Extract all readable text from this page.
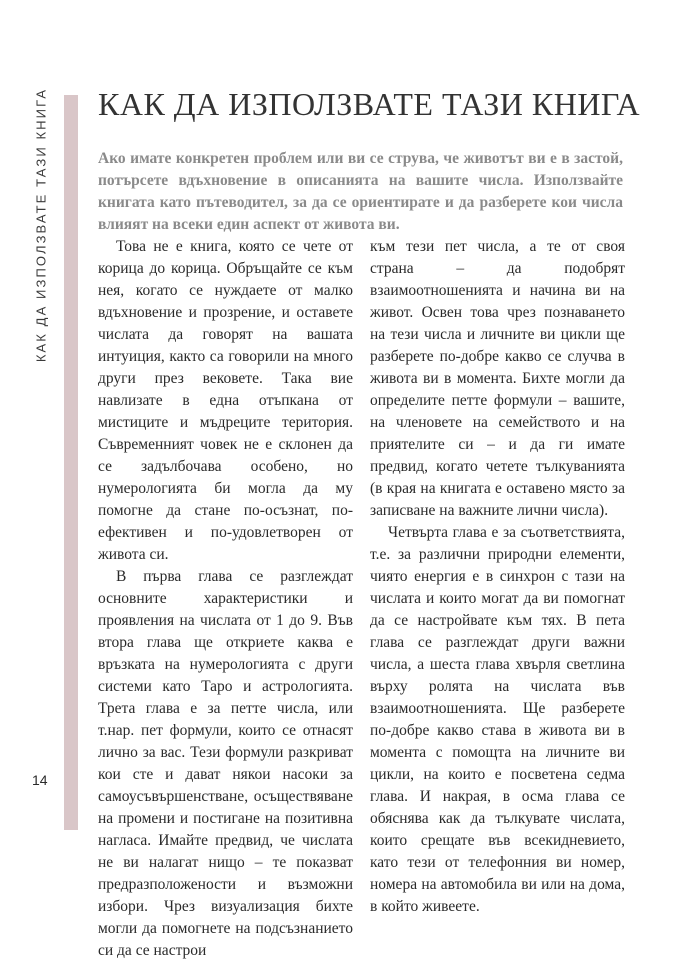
КАК ДА ИЗПОЛЗВАТЕ ТАЗИ КНИГА
14
КАК ДА ИЗПОЛЗВАТЕ ТАЗИ КНИГА

Ако имате конкретен проблем или ви се струва, че животът ви е в застой, потърсете вдъхновение в описанията на вашите числа. Използвайте книгата като пътеводител, за да се ориентирате и да разберете кои числа влияят на всеки един аспект от живота ви.

Това не е книга, която се чете от корица до корица. Обръщайте се към нея, когато се нуждаете от малко вдъхновение и прозрение, и оставете числата да говорят на вашата интуиция, както са говорили на много други през вековете. Така вие навлизате в една отъпкана от мистиците и мъдреците територия. Съвременният човек не е склонен да се задълбочава особено, но нумерологията би могла да му помогне да стане по-осъзнат, по-ефективен и по-удовлетворен от живота си.

В първа глава се разглеждат основните характеристики и проявления на числата от 1 до 9. Във втора глава ще откриете каква е връзката на нумерологията с други системи като Таро и астрологията. Трета глава е за петте числа, или т.нар. пет формули, които се отнасят лично за вас. Тези формули разкриват кои сте и дават някои насоки за самоусъвършенстване, осъществяване на промени и постигане на позитивна нагласа. Имайте предвид, че числата не ви налагат нищо – те показват предразположености и възможни избори. Чрез визуализация бихте могли да помогнете на подсъзнанието си да се настрои

към тези пет числа, а те от своя страна – да подобрят взаимоотношенията и начина ви на живот. Освен това чрез познаването на тези числа и личните ви цикли ще разберете по-добре какво се случва в живота ви в момента. Бихте могли да определите петте формули – вашите, на членовете на семейството и на приятелите си – и да ги имате предвид, когато четете тълкуванията (в края на книгата е оставено място за записване на важните лични числа).

Четвърта глава е за съответствията, т.е. за различни природни елементи, чиято енергия е в синхрон с тази на числата и които могат да ви помогнат да се настройвате към тях. В пета глава се разглеждат други важни числа, а шеста глава хвърля светлина върху ролята на числата във взаимоотношенията. Ще разберете по-добре какво става в живота ви в момента с помощта на личните ви цикли, на които е посветена седма глава. И накрая, в осма глава се обяснява как да тълкувате числата, които срещате във всекидневието, като тези от телефонния ви номер, номера на автомобила ви или на дома, в който живеете.
